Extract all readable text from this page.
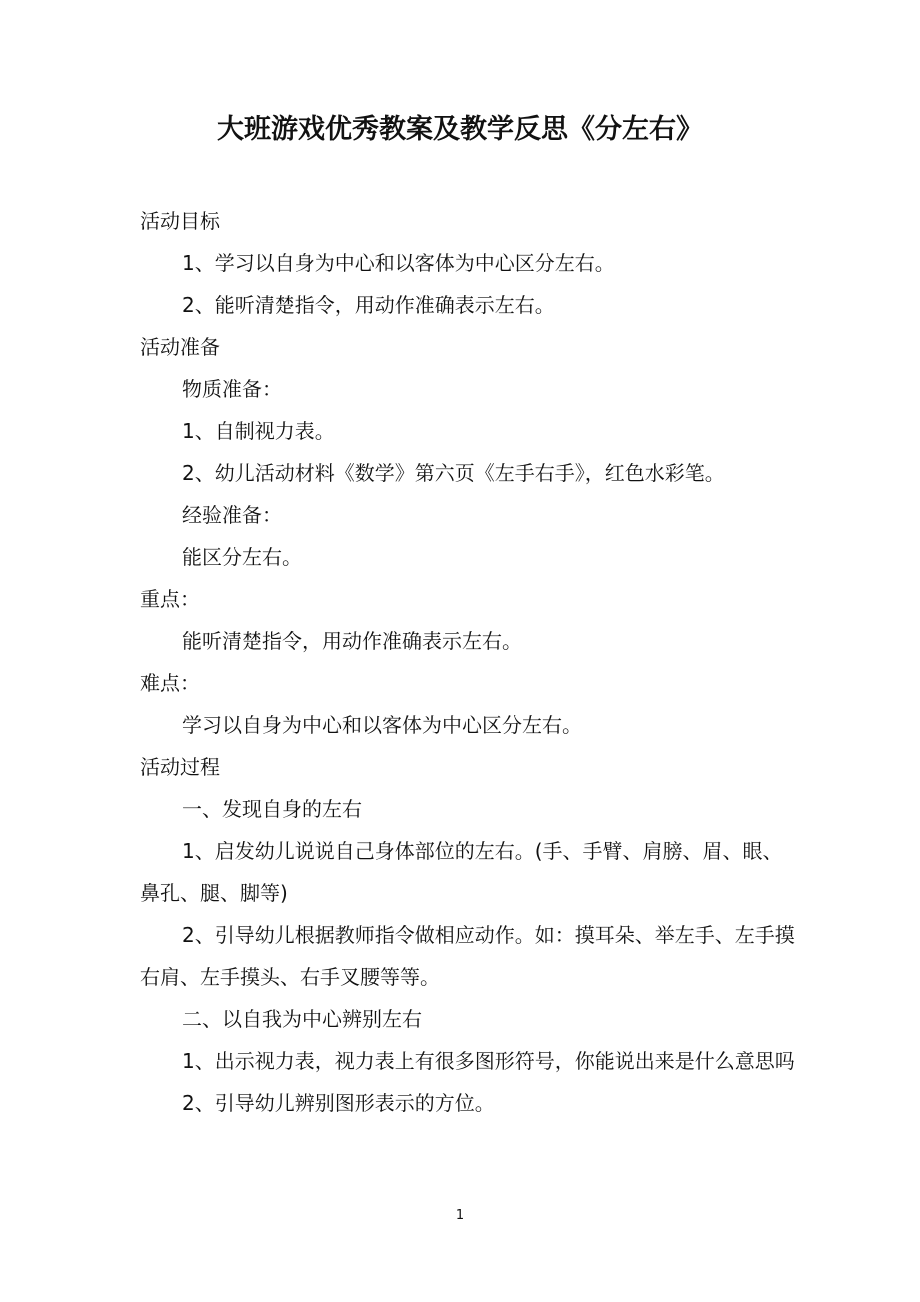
大班游戏优秀教案及教学反思《分左右》

活动目标

1、学习以自身为中心和以客体为中心区分左右。

2、能听清楚指令，用动作准确表示左右。

活动准备

物质准备：

1、自制视力表。

2、幼儿活动材料《数学》第六页《左手右手》，红色水彩笔。

经验准备：

能区分左右。

重点：

能听清楚指令，用动作准确表示左右。

难点：

学习以自身为中心和以客体为中心区分左右。

活动过程

一、发现自身的左右

1、启发幼儿说说自己身体部位的左右。(手、手臂、肩膀、眉、眼、鼻孔、腿、脚等)

2、引导幼儿根据教师指令做相应动作。如：摸耳朵、举左手、左手摸右肩、左手摸头、右手叉腰等等。

二、以自我为中心辨别左右

1、出示视力表，视力表上有很多图形符号，你能说出来是什么意思吗

2、引导幼儿辨别图形表示的方位。

1
